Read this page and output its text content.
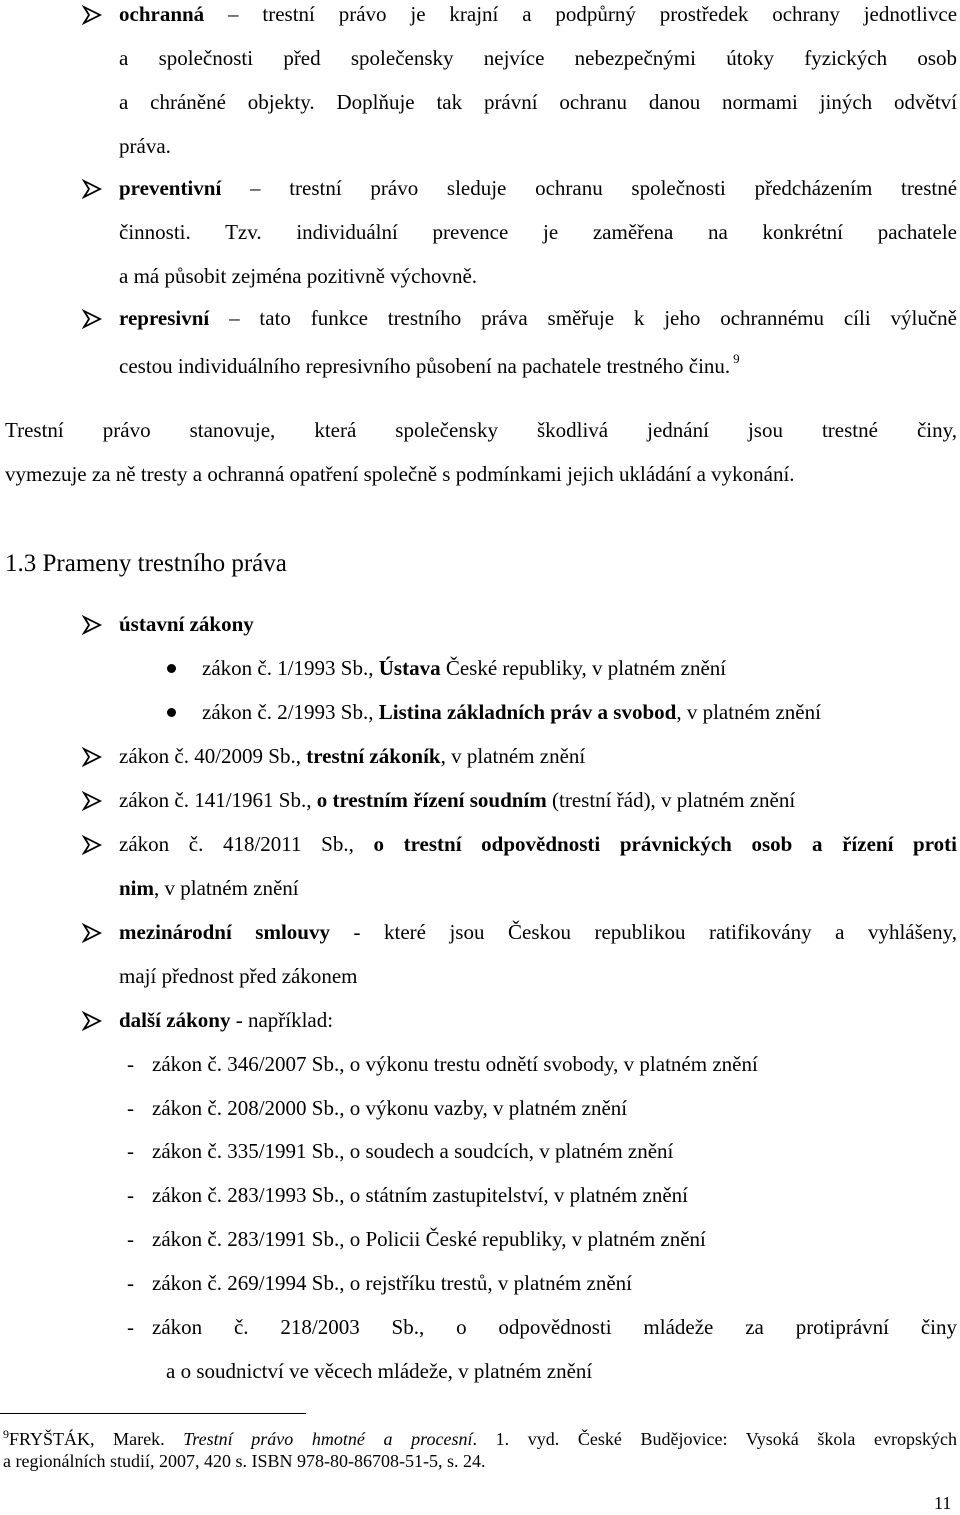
ochranná – trestní právo je krajní a podpůrný prostředek ochrany jednotlivce
a společnosti před společensky nejvíce nebezpečnými útoky fyzických osob
a chráněné objekty. Doplňuje tak právní ochranu danou normami jiných odvětví
práva.
preventivní – trestní právo sleduje ochranu společnosti předcházením trestné
činnosti. Tzv. individuální prevence je zaměřena na konkrétní pachatele
a má působit zejména pozitivně výchovně.
represivní – tato funkce trestního práva směřuje k jeho ochrannému cíli výlučně
cestou individuálního represivního působení na pachatele trestného činu. $^9$
Trestní právo stanovuje, která společensky škodlivá jednání jsou trestné činy,
vymezuje za ně tresty a ochranná opatření společně s podmínkami jejich ukládání a vykonání.
1.3 Prameny trestního práva
ústavní zákony
zákon č. 1/1993 Sb., Ústava České republiky, v platném znění
zákon č. 2/1993 Sb., Listina základních práv a svobod, v platném znění
zákon č. 40/2009 Sb., trestní zákoník, v platném znění
zákon č. 141/1961 Sb., o trestním řízení soudním (trestní řád), v platném znění
zákon č. 418/2011 Sb., o trestní odpovědnosti právnických osob a řízení proti
nim, v platném znění
mezinárodní smlouvy - které jsou Českou republikou ratifikovány a vyhlášeny,
mají přednost před zákonem
další zákony - například:
- zákon č. 346/2007 Sb., o výkonu trestu odnětí svobody, v platném znění
- zákon č. 208/2000 Sb., o výkonu vazby, v platném znění
- zákon č. 335/1991 Sb., o soudech a soudcích, v platném znění
- zákon č. 283/1993 Sb., o státním zastupitelství, v platném znění
- zákon č. 283/1991 Sb., o Policii České republiky, v platném znění
- zákon č. 269/1994 Sb., o rejstříku trestů, v platném znění
- zákon č. 218/2003 Sb., o odpovědnosti mládeže za protiprávní činy
a o soudnictví ve věcech mládeže, v platném znění
$^9$FRYŠTÁK, Marek. Trestní právo hmotné a procesní. 1. vyd. České Budějovice: Vysoká škola evropských
a regionálních studií, 2007, 420 s. ISBN 978-80-86708-51-5, s. 24.
11
